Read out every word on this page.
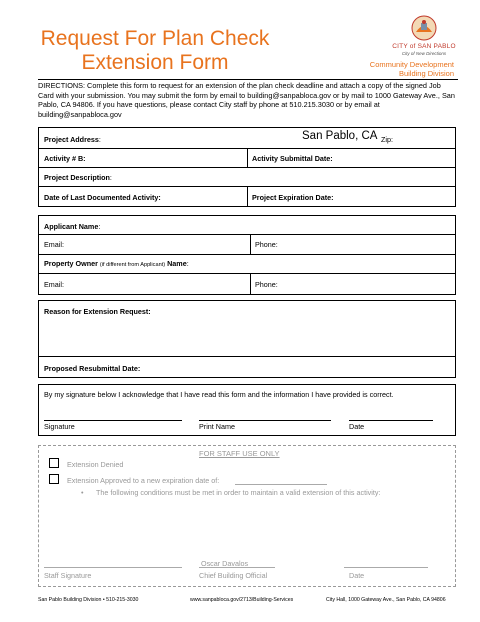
Request For Plan Check
Extension Form
CITY of SAN PABLO
City of New Directions
Community Development
Building Division
DIRECTIONS: Complete this form to request for an extension of the plan check deadline and attach a copy of the signed Job Card with your submission. You may submit the form by email to building@sanpabloca.gov or by mail to 1000 Gateway Ave., San Pablo, CA 94806. If you have questions, please contact City staff by phone at 510.215.3030 or by email at building@sanpabloca.gov
Project Address:	San Pablo, CA Zip:
Activity # B:	Activity Submittal Date:
Project Description:
Date of Last Documented Activity:	Project Expiration Date:
Applicant Name:
Email:	Phone:
Property Owner (if different from Applicant) Name:
Email:	Phone:
Reason for Extension Request:
Proposed Resubmittal Date:
By my signature below I acknowledge that I have read this form and the information I have provided is correct.
Signature	Print Name	Date
FOR STAFF USE ONLY
Extension Denied
Extension Approved to a new expiration date of:
• The following conditions must be met in order to maintain a valid extension of this activity:
Oscar Davalos
Staff Signature	Chief Building Official	Date
San Pablo Building Division • 510-215-3030	www.sanpabloca.gov/2713/Building-Services	City Hall, 1000 Gateway Ave., San Pablo, CA 94806
